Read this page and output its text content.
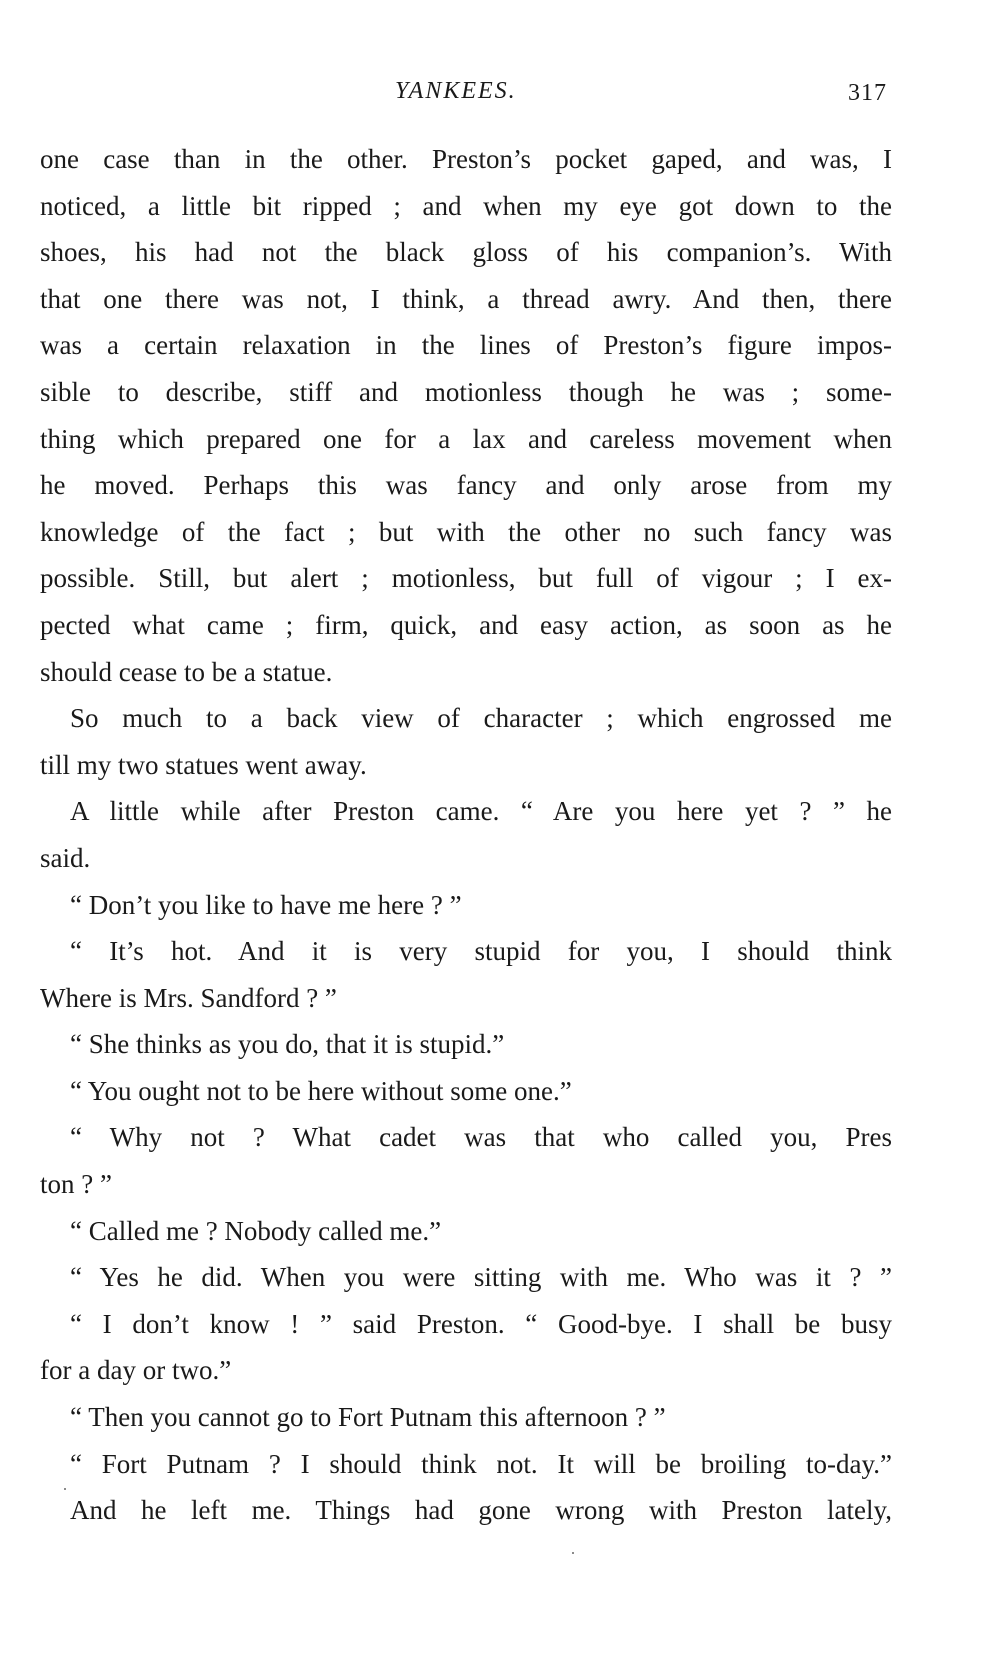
YANKEES.	317
one case than in the other. Preston’s pocket gaped, and was, I
noticed, a little bit ripped ; and when my eye got down to the
shoes, his had not the black gloss of his companion’s. With
that one there was not, I think, a thread awry. And then, there
was a certain relaxation in the lines of Preston’s figure impos-
sible to describe, stiff and motionless though he was ; some-
thing which prepared one for a lax and careless movement when
he moved. Perhaps this was fancy and only arose from my
knowledge of the fact ; but with the other no such fancy was
possible. Still, but alert ; motionless, but full of vigour ; I ex-
pected what came ; firm, quick, and easy action, as soon as he
should cease to be a statue.
So much to a back view of character ; which engrossed me
till my two statues went away.
A little while after Preston came. “ Are you here yet ? ” he
said.
“ Don’t you like to have me here ? ”
“ It’s hot. And it is very stupid for you, I should think
Where is Mrs. Sandford ? ”
“ She thinks as you do, that it is stupid.”
“ You ought not to be here without some one.”
“ Why not ? What cadet was that who called you, Pres
ton ? ”
“ Called me ? Nobody called me.”
“ Yes he did. When you were sitting with me. Who was it ? ”
“ I don’t know ! ” said Preston. “ Good-bye. I shall be busy
for a day or two.”
“ Then you cannot go to Fort Putnam this afternoon ? ”
“ Fort Putnam ? I should think not. It will be broiling to-day.”
And he left me. Things had gone wrong with Preston lately,
